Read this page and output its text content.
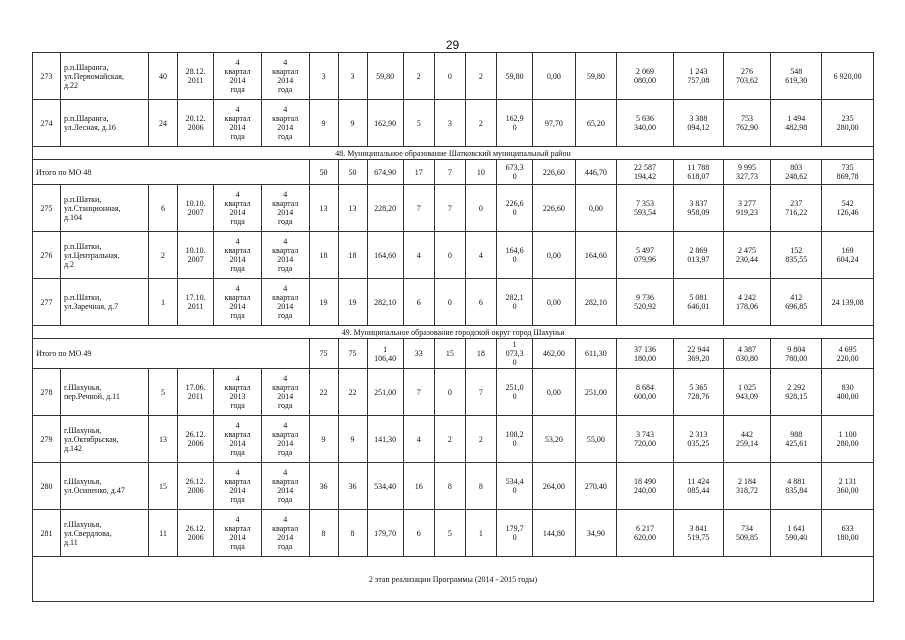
29
273	р.п.Шаранга,
ул.Первомайская,
д.22	40	28.12.
2011	4
квартал
2014
года	4
квартал
2014
года	3	3	59,80	2	0	2	59,80	0,00	59,80	2 069
080,00	1 243
757,08	276
703,62	548
619,30	6 920,00
274	р.п.Шаранга,
ул.Лесная, д.16	24	20.12.
2006	4
квартал
2014
года	4
квартал
2014
года	9	9	162,90	5	3	2	162,9
0	97,70	65,20	5 636
340,00	3 388
094,12	753
762,90	1 494
482,98	235
280,00
48. Муниципальное образование Шатковский муниципальный район																			
Итого по МО 48						50	50	674,90	17	7	10	673,3
0	226,60	446,70	22 587
194,42	11 788
618,07	9 995
327,73	803
248,62	735
869,78
275	р.п.Шатки,
ул.Станционная,
д.104	6	10.10.
2007	4
квартал
2014
года	4
квартал
2014
года	13	13	228,20	7	7	0	226,6
0	226,60	0,00	7 353
593,54	3 837
958,09	3 277
919,23	237
716,22	542
126,46
276	р.п.Шатки,
ул.Центральная,
д.2	2	10.10.
2007	4
квартал
2014
года	4
квартал
2014
года	18	18	164,60	4	0	4	164,6
0	0,00	164,60	5 497
079,96	2 869
013,97	2 475
230,44	152
835,55	169
604,24
277	р.п.Шатки,
ул.Заречная, д.7	1	17.10.
2011	4
квартал
2014
года	4
квартал
2014
года	19	19	282,10	6	0	6	282,1
0	0,00	282,10	9 736
520,92	5 081
646,01	4 242
178,06	412
696,85	24 139,08
49. Муниципальное образование городской округ город Шахунья																			
Итого по МО 49						75	75	1
106,40	33	15	18	1
073,3
0	462,00	611,30	37 136
180,00	22 944
369,20	4 387
030,80	9 804
780,00	4 695
220,00
278	г.Шахунья,
пер.Речной, д.11	5	17.06.
2011	4
квартал
2013
года	4
квартал
2014
года	22	22	251,00	7	0	7	251,0
0	0,00	251,00	8 684
600,00	5 365
728,76	1 025
943,09	2 292
928,15	830
400,00
279	г.Шахунья,
ул.Октябрьская,
д.142	13	26.12.
2006	4
квартал
2014
года	4
квартал
2014
года	9	9	141,30	4	2	2	108,2
0	53,20	55,00	3 743
720,00	2 313
035,25	442
259,14	988
425,61	1 100
280,00
280	г.Шахунья,
ул.Осипенко, д.47	15	26.12.
2006	4
квартал
2014
года	4
квартал
2014
года	36	36	534,40	16	8	8	534,4
0	264,00	270,40	18 490
240,00	11 424
085,44	2 184
318,72	4 881
835,84	2 131
360,00
281	г.Шахунья,
ул.Свердлова,
д.11	11	26.12.
2006	4
квартал
2014
года	4
квартал
2014
года	8	8	179,70	6	5	1	179,7
0	144,80	34,90	6 217
620,00	3 841
519,75	734
509,85	1 641
590,40	633
180,00
2 этап реализации Программы (2014 - 2015 годы)																			
